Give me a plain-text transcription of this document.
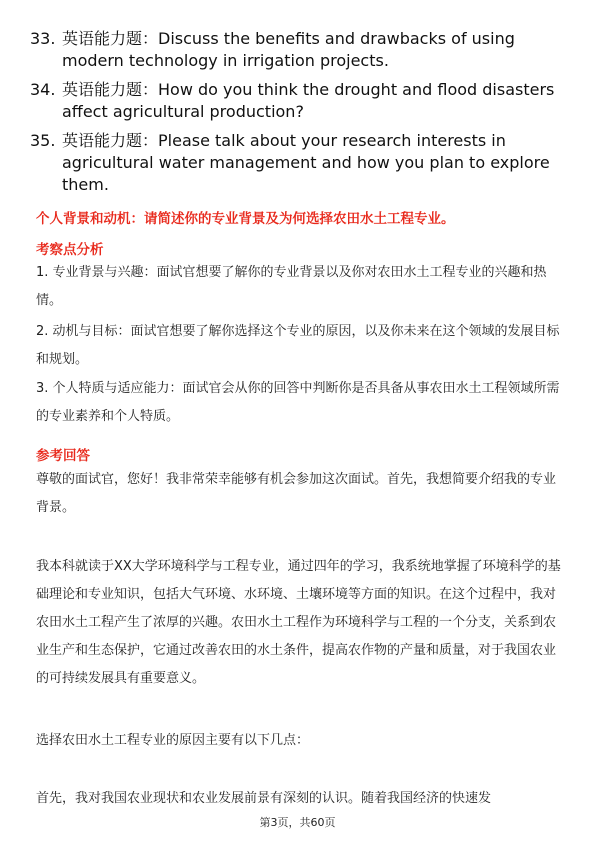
33. 英语能力题：Discuss the benefits and drawbacks of using modern technology in irrigation projects.
34. 英语能力题：How do you think the drought and flood disasters affect agricultural production?
35. 英语能力题：Please talk about your research interests in agricultural water management and how you plan to explore them.
个人背景和动机：请简述你的专业背景及为何选择农田水土工程专业。
考察点分析
1. 专业背景与兴趣：面试官想要了解你的专业背景以及你对农田水土工程专业的兴趣和热情。
2. 动机与目标：面试官想要了解你选择这个专业的原因，以及你未来在这个领域的发展目标和规划。
3. 个人特质与适应能力：面试官会从你的回答中判断你是否具备从事农田水土工程领域所需的专业素养和个人特质。
参考回答
尊敬的面试官，您好！我非常荣幸能够有机会参加这次面试。首先，我想简要介绍我的专业背景。
我本科就读于XX大学环境科学与工程专业，通过四年的学习，我系统地掌握了环境科学的基础理论和专业知识，包括大气环境、水环境、土壤环境等方面的知识。在这个过程中，我对农田水土工程产生了浓厚的兴趣。农田水土工程作为环境科学与工程的一个分支，关系到农业生产和生态保护，它通过改善农田的水土条件，提高农作物的产量和质量，对于我国农业的可持续发展具有重要意义。
选择农田水土工程专业的原因主要有以下几点：
首先，我对我国农业现状和农业发展前景有深刻的认识。随着我国经济的快速发
第3页，共60页
